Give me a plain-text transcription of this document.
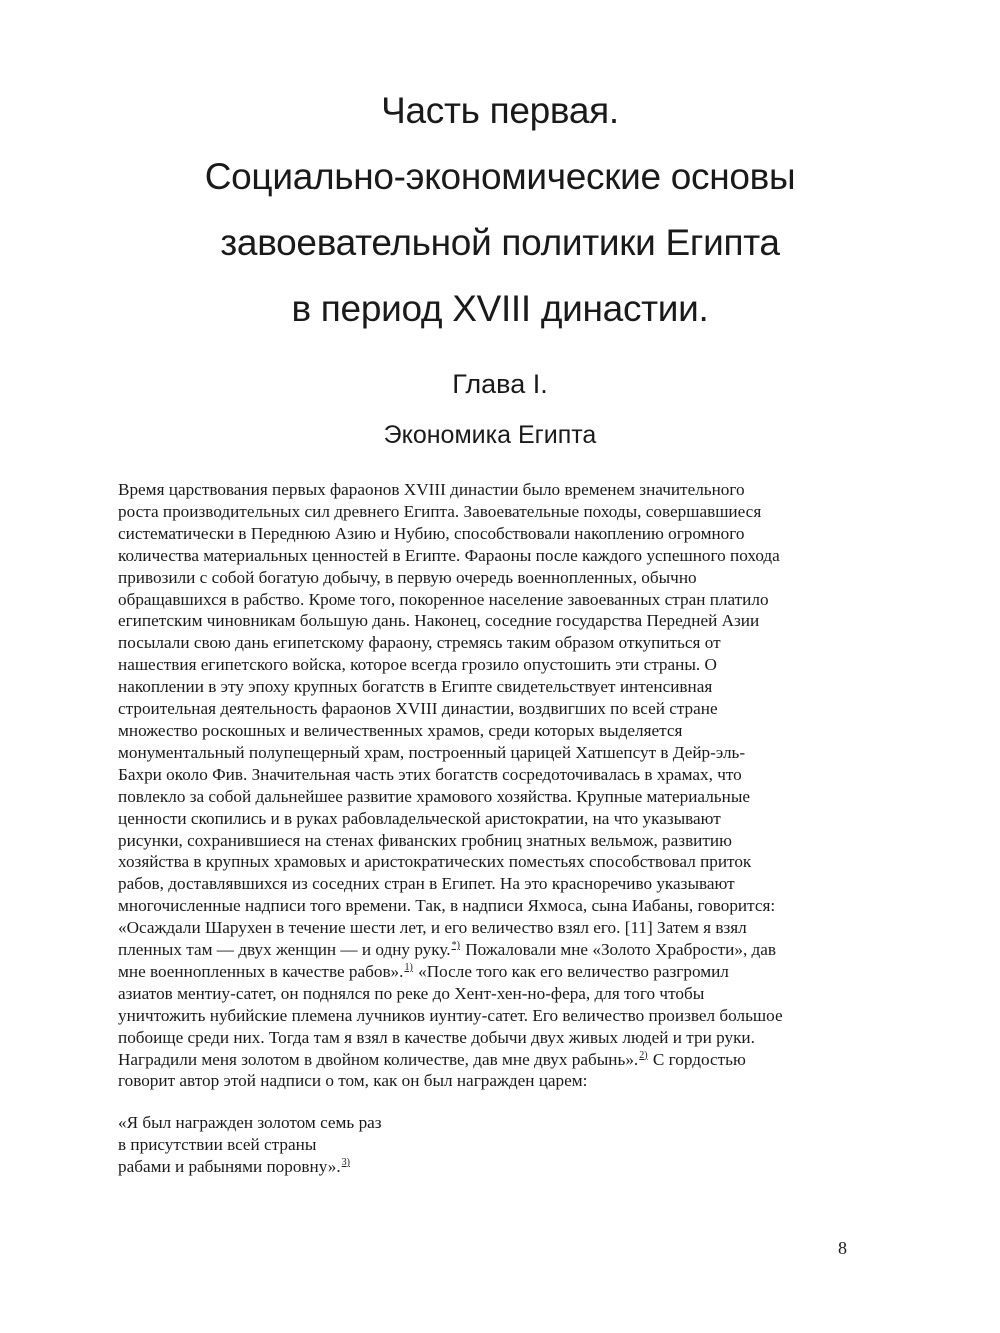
Часть первая.
Социально-экономические основы
завоевательной политики Египта
в период XVIII династии.
Глава I.
Экономика Египта
Время царствования первых фараонов XVIII династии было временем значительного
роста производительных сил древнего Египта. Завоевательные походы, совершавшиеся
систематически в Переднюю Азию и Нубию, способствовали накоплению огромного
количества материальных ценностей в Египте. Фараоны после каждого успешного похода
привозили с собой богатую добычу, в первую очередь военнопленных, обычно
обращавшихся в рабство. Кроме того, покоренное население завоеванных стран платило
египетским чиновникам большую дань. Наконец, соседние государства Передней Азии
посылали свою дань египетскому фараону, стремясь таким образом откупиться от
нашествия египетского войска, которое всегда грозило опустошить эти страны. О
накоплении в эту эпоху крупных богатств в Египте свидетельствует интенсивная
строительная деятельность фараонов XVIII династии, воздвигших по всей стране
множество роскошных и величественных храмов, среди которых выделяется
монументальный полупещерный храм, построенный царицей Хатшепсут в Дейр-эль-
Бахри около Фив. Значительная часть этих богатств сосредоточивалась в храмах, что
повлекло за собой дальнейшее развитие храмового хозяйства. Крупные материальные
ценности скопились и в руках рабовладельческой аристократии, на что указывают
рисунки, сохранившиеся на стенах фиванских гробниц знатных вельмож, развитию
хозяйства в крупных храмовых и аристократических поместьях способствовал приток
рабов, доставлявшихся из соседних стран в Египет. На это красноречиво указывают
многочисленные надписи того времени. Так, в надписи Яхмоса, сына Иабаны, говорится:
«Осаждали Шарухен в течение шести лет, и его величество взял его. [11] Затем я взял
пленных там — двух женщин — и одну руку.*) Пожаловали мне «Золото Храбрости», дав
мне военнопленных в качестве рабов».$^{1)}$ «После того как его величество разгромил
азиатов ментиу-сатет, он поднялся по реке до Хент-хен-но-фера, для того чтобы
уничтожить нубийские племена лучников иунтиу-сатет. Его величество произвел большое
побоище среди них. Тогда там я взял в качестве добычи двух живых людей и три руки.
Наградили меня золотом в двойном количестве, дав мне двух рабынь».$^{2)}$ С гордостью
говорит автор этой надписи о том, как он был награжден царем:
«Я был награжден золотом семь раз
в присутствии всей страны
рабами и рабынями поровну».$^{3)}$
8
